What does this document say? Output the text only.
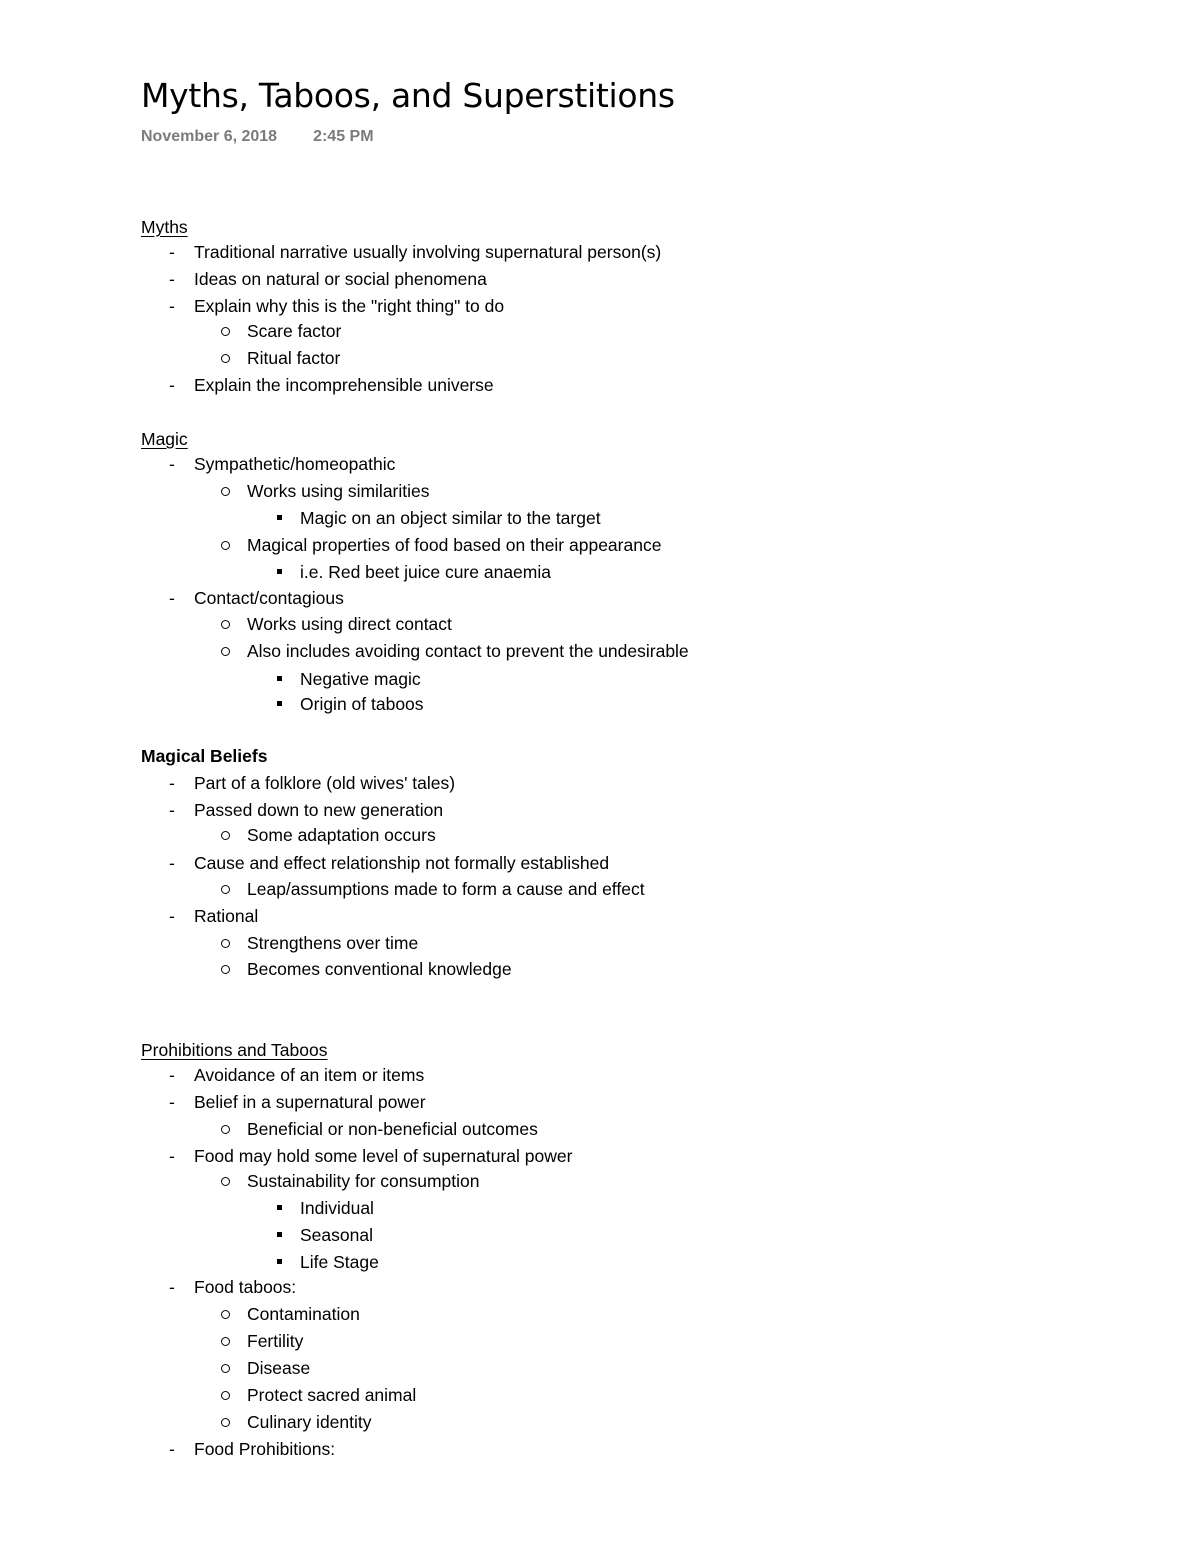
Myths, Taboos, and Superstitions
November 6, 2018 2:45 PM
Myths
- Traditional narrative usually involving supernatural person(s)
- Ideas on natural or social phenomena
- Explain why this is the "right thing" to do
Scare factor
Ritual factor
- Explain the incomprehensible universe
Magic
- Sympathetic/homeopathic
Works using similarities
Magic on an object similar to the target
Magical properties of food based on their appearance
i.e. Red beet juice cure anaemia
- Contact/contagious
Works using direct contact
Also includes avoiding contact to prevent the undesirable
Negative magic
Origin of taboos
Magical Beliefs
- Part of a folklore (old wives' tales)
- Passed down to new generation
Some adaptation occurs
- Cause and effect relationship not formally established
Leap/assumptions made to form a cause and effect
- Rational
Strengthens over time
Becomes conventional knowledge
Prohibitions and Taboos
- Avoidance of an item or items
- Belief in a supernatural power
Beneficial or non-beneficial outcomes
- Food may hold some level of supernatural power
Sustainability for consumption
Individual
Seasonal
Life Stage
- Food taboos:
Contamination
Fertility
Disease
Protect sacred animal
Culinary identity
- Food Prohibitions:
